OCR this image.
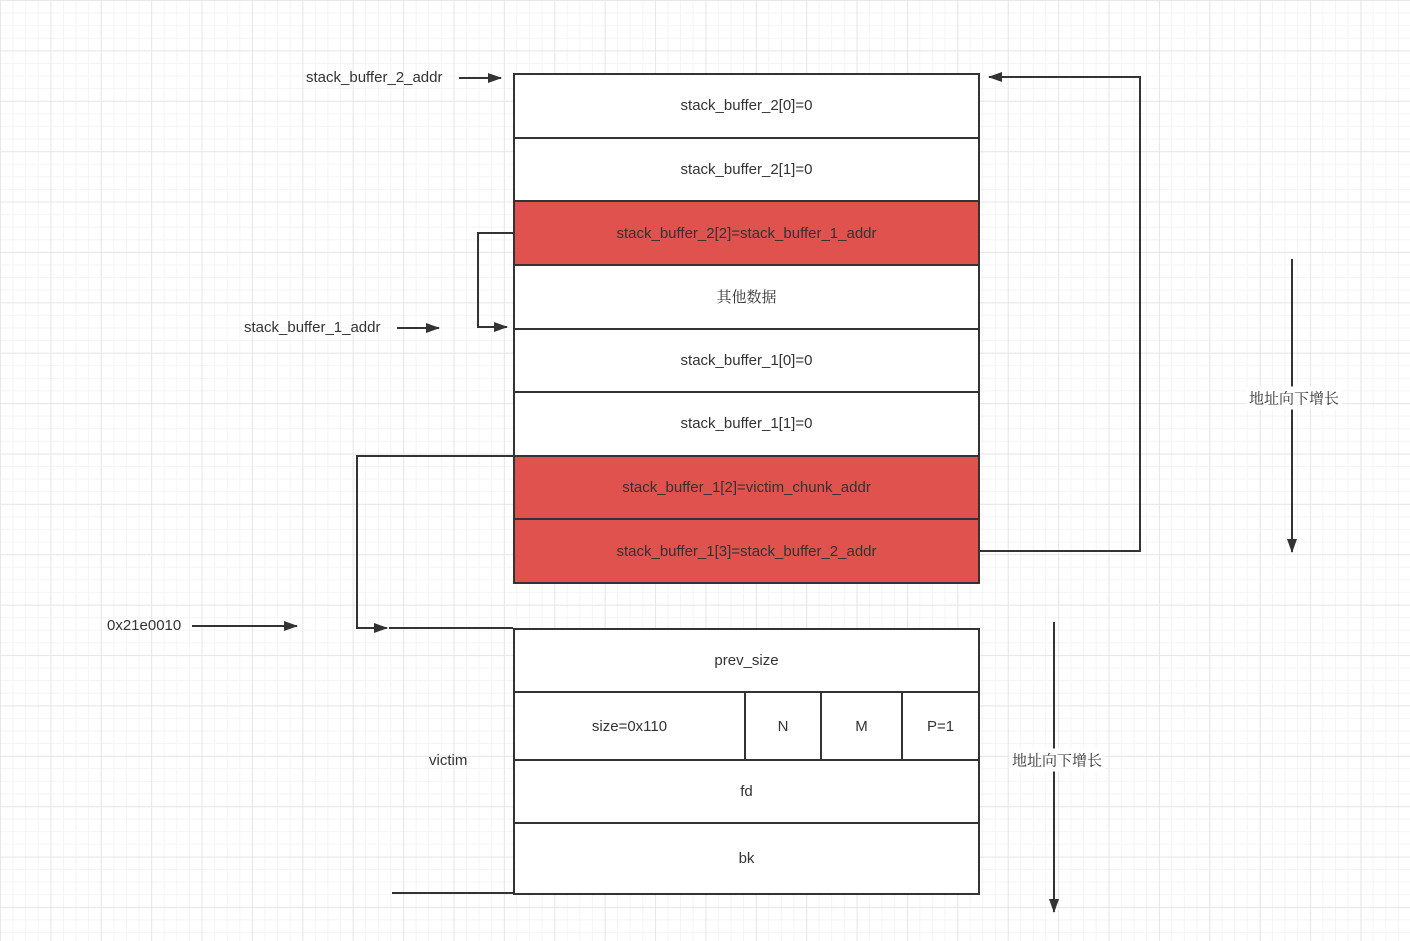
stack_buffer_2[0]=0
stack_buffer_2[1]=0
stack_buffer_2[2]=stack_buffer_1_addr
其他数据
stack_buffer_1[0]=0
stack_buffer_1[1]=0
stack_buffer_1[2]=victim_chunk_addr
stack_buffer_1[3]=stack_buffer_2_addr
prev_size
size=0x110	N	M	P=1
fd
bk
stack_buffer_2_addr
stack_buffer_1_addr
0x21e0010
victim
地址向下增长
地址向下增长
